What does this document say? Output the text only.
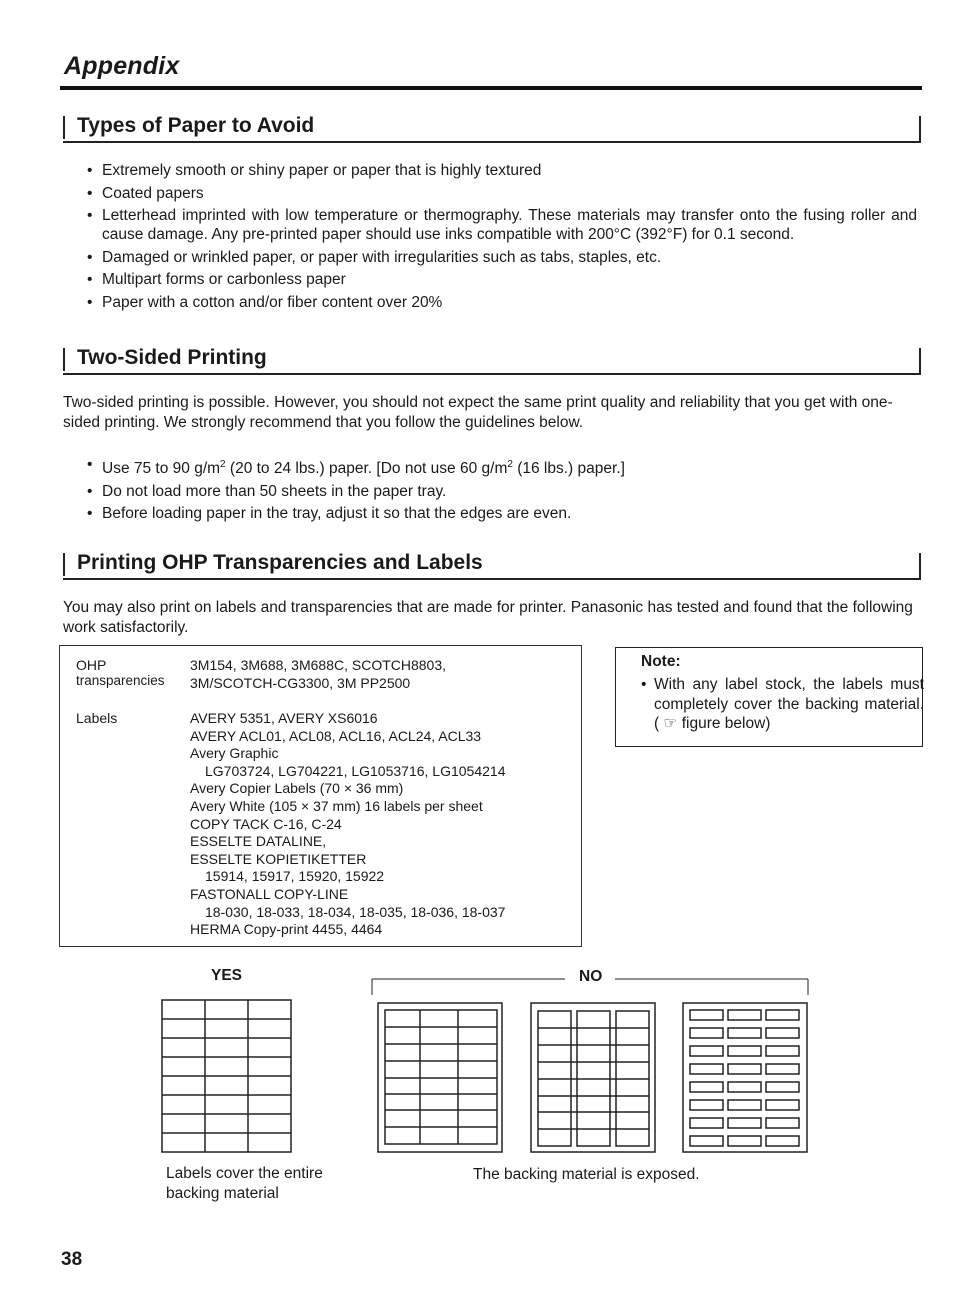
Appendix
Types of Paper to Avoid
• Extremely smooth or shiny paper or paper that is highly textured
• Coated papers
• Letterhead imprinted with low temperature or thermography. These materials may transfer onto the fusing roller and cause damage. Any pre-printed paper should use inks compatible with 200°C (392°F) for 0.1 second.
• Damaged or wrinkled paper, or paper with irregularities such as tabs, staples, etc.
• Multipart forms or carbonless paper
• Paper with a cotton and/or fiber content over 20%
Two-Sided Printing
Two-sided printing is possible. However, you should not expect the same print quality and reliability that you get with one-sided printing. We strongly recommend that you follow the guidelines below.
• Use 75 to 90 $g/m^2$ (20 to 24 lbs.) paper. [Do not use 60 $g/m^2$ (16 lbs.) paper.]
• Do not load more than 50 sheets in the paper tray.
• Before loading paper in the tray, adjust it so that the edges are even.
Printing OHP Transparencies and Labels
You may also print on labels and transparencies that are made for printer. Panasonic has tested and found that the following work satisfactorily.
OHP
transparencies
3M154, 3M688, 3M688C, SCOTCH8803,
3M/SCOTCH-CG3300, 3M PP2500
Labels	AVERY 5351, AVERY XS6016
AVERY ACL01, ACL08, ACL16, ACL24, ACL33
Avery Graphic
LG703724, LG704221, LG1053716, LG1054214
Avery Copier Labels (70 × 36 mm)
Avery White (105 × 37 mm) 16 labels per sheet
COPY TACK C-16, C-24
ESSELTE DATALINE,
ESSELTE KOPIETIKETTER
15914, 15917, 15920, 15922
FASTONALL COPY-LINE
18-030, 18-033, 18-034, 18-035, 18-036, 18-037
HERMA Copy-print 4455, 4464
Note:
• With any label stock, the labels must completely cover the backing material. ( ☞ figure below)
YES	NO
Labels cover the entire backing material
The backing material is exposed.
38
